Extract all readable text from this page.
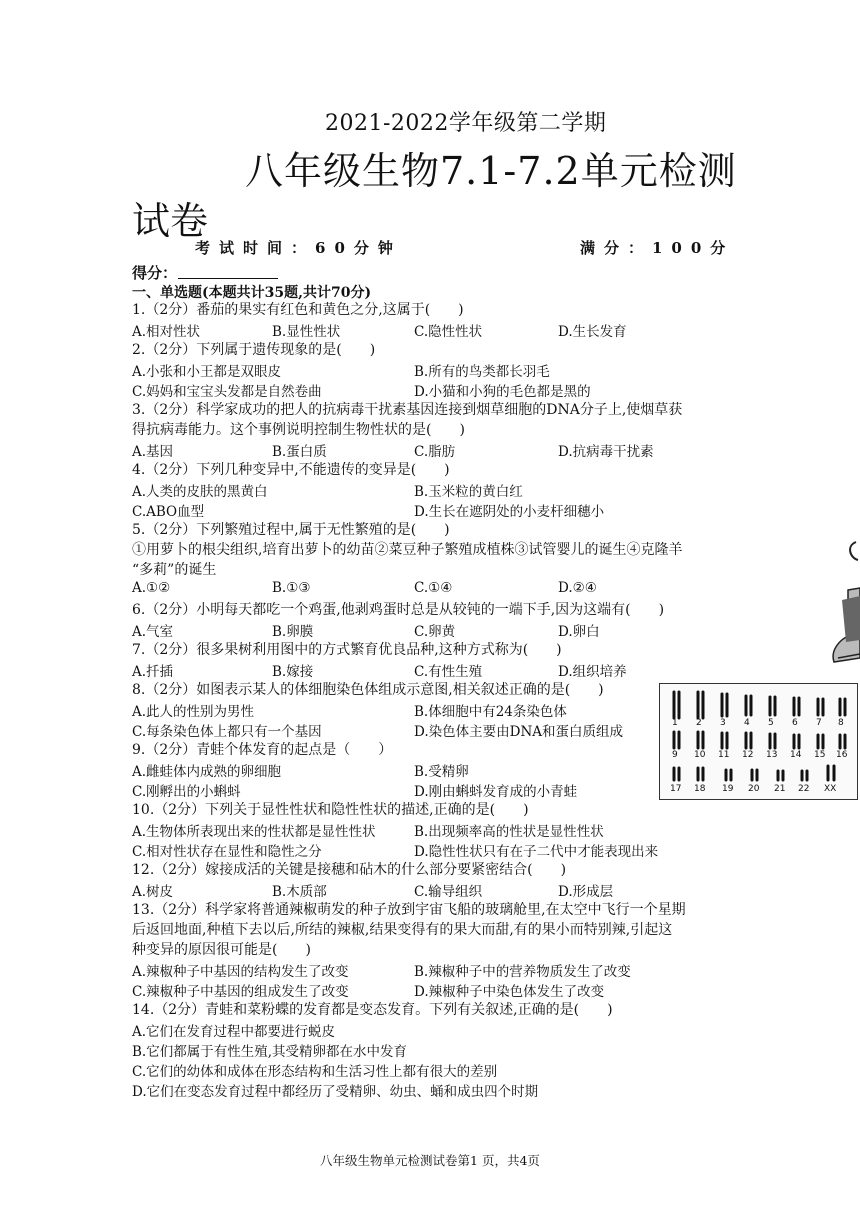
2021-2022学年级第二学期
八年级生物7.1-7.2单元检测
试卷
考试时间：60分钟	满分：100分
得分：
一、单选题(本题共计35题,共计70分)
1.（2分）番茄的果实有红色和黄色之分,这属于(　　)
A.相对性状	B.显性性状	C.隐性性状	D.生长发育
2.（2分）下列属于遗传现象的是(　　)
A.小张和小王都是双眼皮	B.所有的鸟类都长羽毛
C.妈妈和宝宝头发都是自然卷曲	D.小猫和小狗的毛色都是黑的
3.（2分）科学家成功的把人的抗病毒干扰素基因连接到烟草细胞的DNA分子上,使烟草获
得抗病毒能力。这个事例说明控制生物性状的是(　　)
A.基因	B.蛋白质	C.脂肪	D.抗病毒干扰素
4.（2分）下列几种变异中,不能遗传的变异是(　　)
A.人类的皮肤的黑黄白	B.玉米粒的黄白红
C.ABO血型	D.生长在遮阴处的小麦杆细穗小
5.（2分）下列繁殖过程中,属于无性繁殖的是(　　)
①用萝卜的根尖组织,培育出萝卜的幼苗②菜豆种子繁殖成植株③试管婴儿的诞生④克隆羊
“多莉”的诞生
A.①②	B.①③	C.①④	D.②④
6.（2分）小明每天都吃一个鸡蛋,他剥鸡蛋时总是从较钝的一端下手,因为这端有(　　)
A.气室	B.卵膜	C.卵黄	D.卵白
7.（2分）很多果树利用图中的方式繁育优良品种,这种方式称为(　　)
A.扦插	B.嫁接	C.有性生殖	D.组织培养
8.（2分）如图表示某人的体细胞染色体组成示意图,相关叙述正确的是(　　)
A.此人的性别为男性	B.体细胞中有24条染色体
C.每条染色体上都只有一个基因	D.染色体主要由DNA和蛋白质组成
9.（2分）青蛙个体发育的起点是（　　）
A.雌蛙体内成熟的卵细胞	B.受精卵
C.刚孵出的小蝌蚪	D.刚由蝌蚪发育成的小青蛙
10.（2分）下列关于显性性状和隐性性状的描述,正确的是(　　)
A.生物体所表现出来的性状都是显性性状	B.出现频率高的性状是显性性状
C.相对性状存在显性和隐性之分	D.隐性性状只有在子二代中才能表现出来
12.（2分）嫁接成活的关键是接穗和砧木的什么部分要紧密结合(　　)
A.树皮	B.木质部	C.输导组织	D.形成层
13.（2分）科学家将普通辣椒萌发的种子放到宇宙飞船的玻璃舱里,在太空中飞行一个星期
后返回地面,种植下去以后,所结的辣椒,结果变得有的果大而甜,有的果小而特别辣,引起这
种变异的原因很可能是(　　)
A.辣椒种子中基因的结构发生了改变	B.辣椒种子中的营养物质发生了改变
C.辣椒种子中基因的组成发生了改变	D.辣椒种子中染色体发生了改变
14.（2分）青蛙和菜粉蝶的发育都是变态发育。下列有关叙述,正确的是(　　)
A.它们在发育过程中都要进行蜕皮
B.它们都属于有性生殖,其受精卵都在水中发育
C.它们的幼体和成体在形态结构和生活习性上都有很大的差别
D.它们在变态发育过程中都经历了受精卵、幼虫、蛹和成虫四个时期
1 2 3 4 5 6 7 8
9 10 11 12 13 14 15 16
17 18 19 20 21 22 XX
八年级生物单元检测试卷第1 页，共4页
